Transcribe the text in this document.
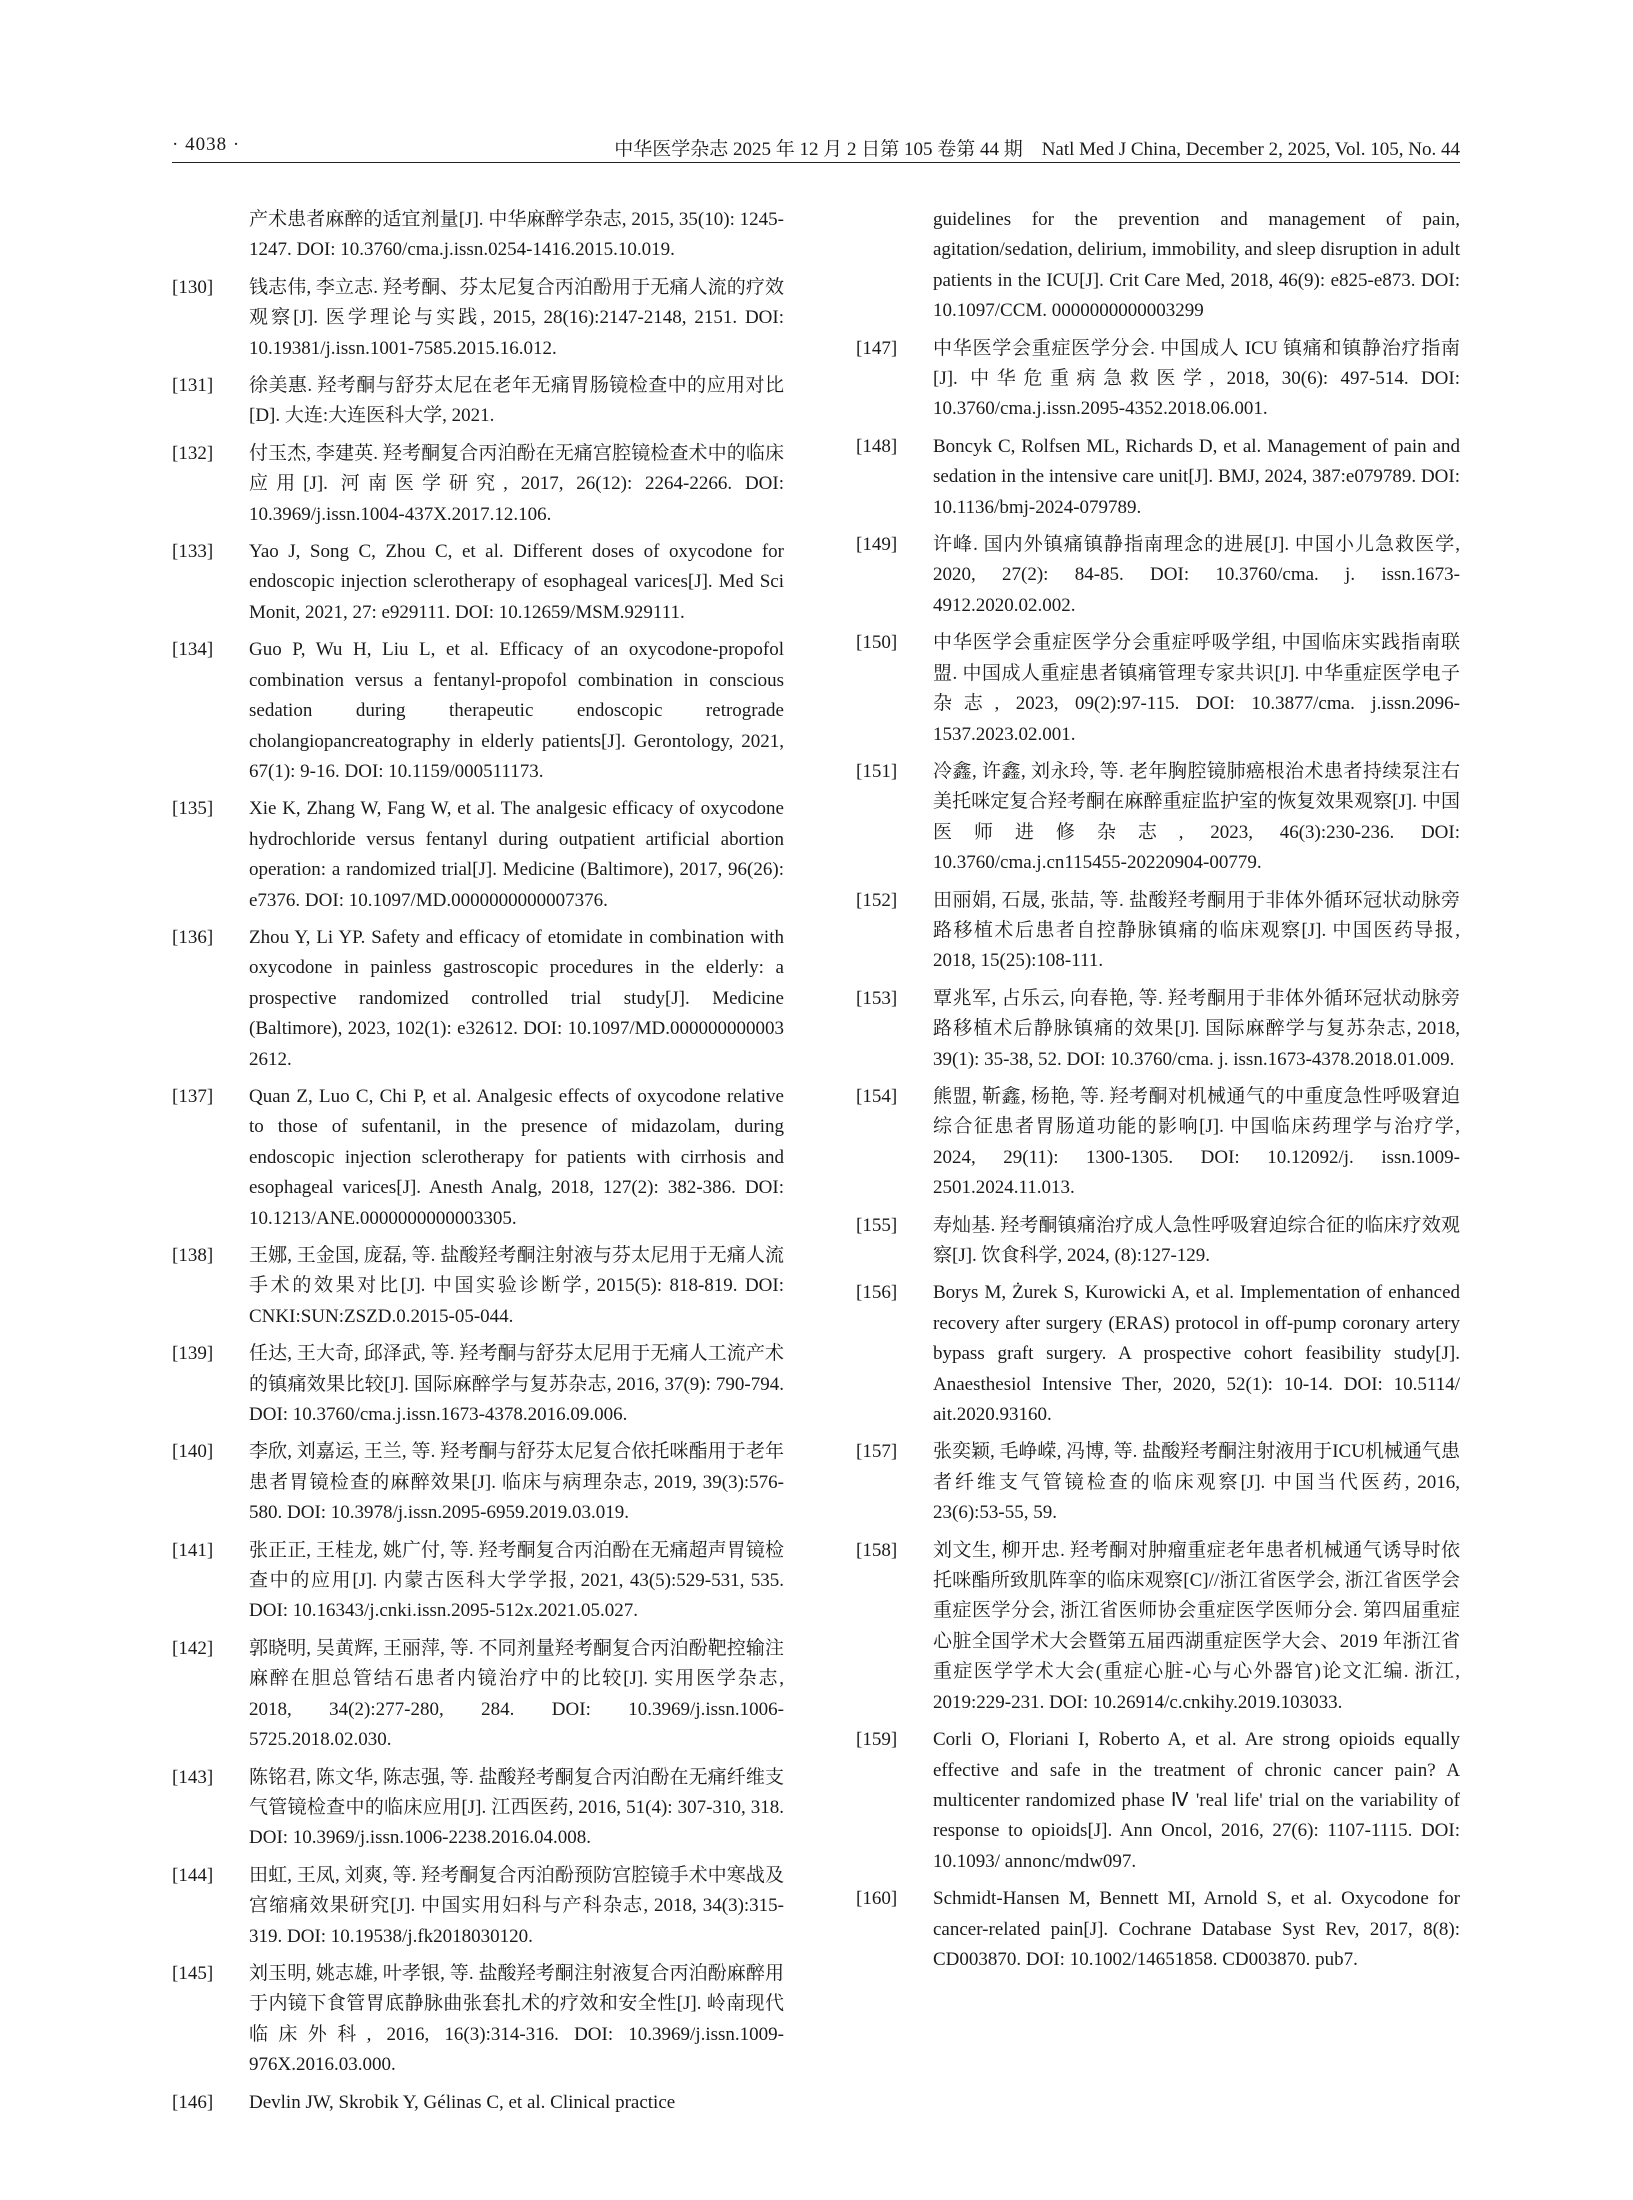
· 4038 ·	中华医学杂志 2025 年 12 月 2 日第 105 卷第 44 期　Natl Med J China, December 2, 2025, Vol. 105, No. 44
产术患者麻醉的适宜剂量[J]. 中华麻醉学杂志, 2015, 35(10): 1245-1247. DOI: 10.3760/cma.j.issn.0254-1416.2015.10.019.
[130]	钱志伟, 李立志. 羟考酮、芬太尼复合丙泊酚用于无痛人流的疗效观察[J]. 医学理论与实践, 2015, 28(16):2147-2148, 2151. DOI: 10.19381/j.issn.1001-7585.2015.16.012.
[131]	徐美惠. 羟考酮与舒芬太尼在老年无痛胃肠镜检查中的应用对比[D]. 大连:大连医科大学, 2021.
[132]	付玉杰, 李建英. 羟考酮复合丙泊酚在无痛宫腔镜检查术中的临床应用[J]. 河南医学研究, 2017, 26(12): 2264-2266. DOI: 10.3969/j.issn.1004-437X.2017.12.106.
[133]	Yao J, Song C, Zhou C, et al. Different doses of oxycodone for endoscopic injection sclerotherapy of esophageal varices[J]. Med Sci Monit, 2021, 27: e929111. DOI: 10.12659/MSM.929111.
[134]	Guo P, Wu H, Liu L, et al. Efficacy of an oxycodone-propofol combination versus a fentanyl-propofol combination in conscious sedation during therapeutic endoscopic retrograde cholangiopancreatography in elderly patients[J]. Gerontology, 2021, 67(1): 9-16. DOI: 10.1159/000511173.
[135]	Xie K, Zhang W, Fang W, et al. The analgesic efficacy of oxycodone hydrochloride versus fentanyl during outpatient artificial abortion operation: a randomized trial[J]. Medicine (Baltimore), 2017, 96(26): e7376. DOI: 10.1097/MD.0000000000007376.
[136]	Zhou Y, Li YP. Safety and efficacy of etomidate in combination with oxycodone in painless gastroscopic procedures in the elderly: a prospective randomized controlled trial study[J]. Medicine (Baltimore), 2023, 102(1): e32612. DOI: 10.1097/MD.000000000003 2612.
[137]	Quan Z, Luo C, Chi P, et al. Analgesic effects of oxycodone relative to those of sufentanil, in the presence of midazolam, during endoscopic injection sclerotherapy for patients with cirrhosis and esophageal varices[J]. Anesth Analg, 2018, 127(2): 382-386. DOI: 10.1213/ANE.0000000000003305.
[138]	王娜, 王金国, 庞磊, 等. 盐酸羟考酮注射液与芬太尼用于无痛人流手术的效果对比[J]. 中国实验诊断学, 2015(5): 818-819. DOI: CNKI:SUN:ZSZD.0.2015-05-044.
[139]	任达, 王大奇, 邱泽武, 等. 羟考酮与舒芬太尼用于无痛人工流产术的镇痛效果比较[J]. 国际麻醉学与复苏杂志, 2016, 37(9): 790-794. DOI: 10.3760/cma.j.issn.1673-4378.2016.09.006.
[140]	李欣, 刘嘉运, 王兰, 等. 羟考酮与舒芬太尼复合依托咪酯用于老年患者胃镜检查的麻醉效果[J]. 临床与病理杂志, 2019, 39(3):576-580. DOI: 10.3978/j.issn.2095-6959.2019.03.019.
[141]	张正正, 王桂龙, 姚广付, 等. 羟考酮复合丙泊酚在无痛超声胃镜检查中的应用[J]. 内蒙古医科大学学报, 2021, 43(5):529-531, 535. DOI: 10.16343/j.cnki.issn.2095-512x.2021.05.027.
[142]	郭晓明, 吴黄辉, 王丽萍, 等. 不同剂量羟考酮复合丙泊酚靶控输注麻醉在胆总管结石患者内镜治疗中的比较[J]. 实用医学杂志, 2018, 34(2):277-280, 284. DOI: 10.3969/j.issn.1006-5725.2018.02.030.
[143]	陈铭君, 陈文华, 陈志强, 等. 盐酸羟考酮复合丙泊酚在无痛纤维支气管镜检查中的临床应用[J]. 江西医药, 2016, 51(4): 307-310, 318. DOI: 10.3969/j.issn.1006-2238.2016.04.008.
[144]	田虹, 王凤, 刘爽, 等. 羟考酮复合丙泊酚预防宫腔镜手术中寒战及宫缩痛效果研究[J]. 中国实用妇科与产科杂志, 2018, 34(3):315-319. DOI: 10.19538/j.fk2018030120.
[145]	刘玉明, 姚志雄, 叶孝银, 等. 盐酸羟考酮注射液复合丙泊酚麻醉用于内镜下食管胃底静脉曲张套扎术的疗效和安全性[J]. 岭南现代临床外科, 2016, 16(3):314-316. DOI: 10.3969/j.issn.1009-976X.2016.03.000.
[146]	Devlin JW, Skrobik Y, Gélinas C, et al. Clinical practice
guidelines for the prevention and management of pain, agitation/sedation, delirium, immobility, and sleep disruption in adult patients in the ICU[J]. Crit Care Med, 2018, 46(9): e825-e873. DOI: 10.1097/CCM. 0000000000003299
[147]	中华医学会重症医学分会. 中国成人 ICU 镇痛和镇静治疗指南[J]. 中华危重病急救医学, 2018, 30(6): 497-514. DOI: 10.3760/cma.j.issn.2095-4352.2018.06.001.
[148]	Boncyk C, Rolfsen ML, Richards D, et al. Management of pain and sedation in the intensive care unit[J]. BMJ, 2024, 387:e079789. DOI: 10.1136/bmj-2024-079789.
[149]	许峰. 国内外镇痛镇静指南理念的进展[J]. 中国小儿急救医学, 2020, 27(2): 84-85. DOI: 10.3760/cma. j. issn.1673-4912.2020.02.002.
[150]	中华医学会重症医学分会重症呼吸学组, 中国临床实践指南联盟. 中国成人重症患者镇痛管理专家共识[J]. 中华重症医学电子杂志, 2023, 09(2):97-115. DOI: 10.3877/cma. j.issn.2096-1537.2023.02.001.
[151]	冷鑫, 许鑫, 刘永玲, 等. 老年胸腔镜肺癌根治术患者持续泵注右美托咪定复合羟考酮在麻醉重症监护室的恢复效果观察[J]. 中国医师进修杂志, 2023, 46(3):230-236. DOI: 10.3760/cma.j.cn115455-20220904-00779.
[152]	田丽娟, 石晟, 张喆, 等. 盐酸羟考酮用于非体外循环冠状动脉旁路移植术后患者自控静脉镇痛的临床观察[J]. 中国医药导报, 2018, 15(25):108-111.
[153]	覃兆军, 占乐云, 向春艳, 等. 羟考酮用于非体外循环冠状动脉旁路移植术后静脉镇痛的效果[J]. 国际麻醉学与复苏杂志, 2018, 39(1): 35-38, 52. DOI: 10.3760/cma. j. issn.1673-4378.2018.01.009.
[154]	熊盟, 靳鑫, 杨艳, 等. 羟考酮对机械通气的中重度急性呼吸窘迫综合征患者胃肠道功能的影响[J]. 中国临床药理学与治疗学, 2024, 29(11): 1300-1305. DOI: 10.12092/j. issn.1009-2501.2024.11.013.
[155]	寿灿基. 羟考酮镇痛治疗成人急性呼吸窘迫综合征的临床疗效观察[J]. 饮食科学, 2024, (8):127-129.
[156]	Borys M, Żurek S, Kurowicki A, et al. Implementation of enhanced recovery after surgery (ERAS) protocol in off-pump coronary artery bypass graft surgery. A prospective cohort feasibility study[J]. Anaesthesiol Intensive Ther, 2020, 52(1): 10-14. DOI: 10.5114/ ait.2020.93160.
[157]	张奕颖, 毛峥嵘, 冯博, 等. 盐酸羟考酮注射液用于ICU机械通气患者纤维支气管镜检查的临床观察[J]. 中国当代医药, 2016, 23(6):53-55, 59.
[158]	刘文生, 柳开忠. 羟考酮对肿瘤重症老年患者机械通气诱导时依托咪酯所致肌阵挛的临床观察[C]//浙江省医学会, 浙江省医学会重症医学分会, 浙江省医师协会重症医学医师分会. 第四届重症心脏全国学术大会暨第五届西湖重症医学大会、2019 年浙江省重症医学学术大会(重症心脏-心与心外器官)论文汇编. 浙江, 2019:229-231. DOI: 10.26914/c.cnkihy.2019.103033.
[159]	Corli O, Floriani I, Roberto A, et al. Are strong opioids equally effective and safe in the treatment of chronic cancer pain? A multicenter randomized phase Ⅳ 'real life' trial on the variability of response to opioids[J]. Ann Oncol, 2016, 27(6): 1107-1115. DOI: 10.1093/ annonc/mdw097.
[160]	Schmidt-Hansen M, Bennett MI, Arnold S, et al. Oxycodone for cancer-related pain[J]. Cochrane Database Syst Rev, 2017, 8(8): CD003870. DOI: 10.1002/14651858. CD003870. pub7.
